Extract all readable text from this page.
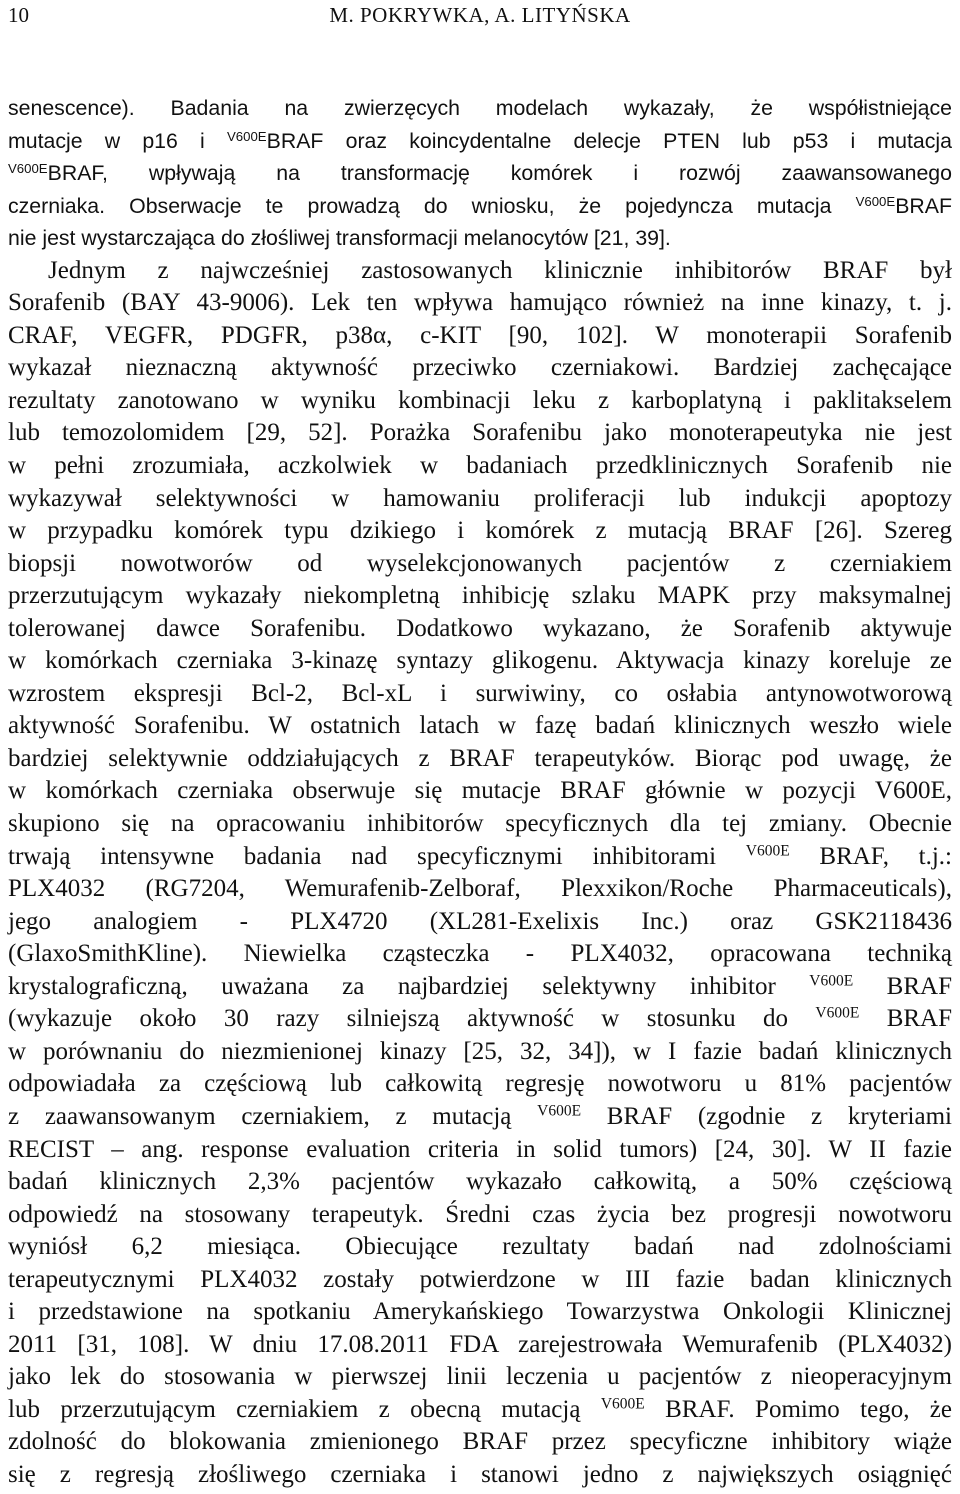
10	M. POKRYWKA, A. LITYŃSKA

senescence). Badania na zwierzęcych modelach wykazały, że współistniejące
mutacje w p16 i $^{V600E}$BRAF oraz koincydentalne delecje PTEN lub p53 i mutacja
$^{V600E}$BRAF, wpływają na transformację komórek i rozwój zaawansowanego
czerniaka. Obserwacje te prowadzą do wniosku, że pojedyncza mutacja $^{V600E}$BRAF
nie jest wystarczająca do złośliwej transformacji melanocytów [21, 39].

Jednym z najwcześniej zastosowanych klinicznie inhibitorów BRAF był
Sorafenib (BAY 43-9006). Lek ten wpływa hamująco również na inne kinazy, t. j.
CRAF, VEGFR, PDGFR, p38α, c-KIT [90, 102]. W monoterapii Sorafenib
wykazał nieznaczną aktywność przeciwko czerniakowi. Bardziej zachęcające
rezultaty zanotowano w wyniku kombinacji leku z karboplatyną i paklitakselem
lub temozolomidem [29, 52]. Porażka Sorafenibu jako monoterapeutyka nie jest
w pełni zrozumiała, aczkolwiek w badaniach przedklinicznych Sorafenib nie
wykazywał selektywności w hamowaniu proliferacji lub indukcji apoptozy
w przypadku komórek typu dzikiego i komórek z mutacją BRAF [26]. Szereg
biopsji nowotworów od wyselekcjonowanych pacjentów z czerniakiem
przerzutującym wykazały niekompletną inhibicję szlaku MAPK przy maksymalnej
tolerowanej dawce Sorafenibu. Dodatkowo wykazano, że Sorafenib aktywuje
w komórkach czerniaka 3-kinazę syntazy glikogenu. Aktywacja kinazy koreluje ze
wzrostem ekspresji Bcl-2, Bcl-xL i surwiwiny, co osłabia antynowotworową
aktywność Sorafenibu. W ostatnich latach w fazę badań klinicznych weszło wiele
bardziej selektywnie oddziałujących z BRAF terapeutyków. Biorąc pod uwagę, że
w komórkach czerniaka obserwuje się mutacje BRAF głównie w pozycji V600E,
skupiono się na opracowaniu inhibitorów specyficznych dla tej zmiany. Obecnie
trwają intensywne badania nad specyficznymi inhibitorami $^{V600E}$ BRAF, t.j.:
PLX4032 (RG7204, Wemurafenib-Zelboraf, Plexxikon/Roche Pharmaceuticals),
jego analogiem - PLX4720 (XL281-Exelixis Inc.) oraz GSK2118436
(GlaxoSmithKline). Niewielka cząsteczka - PLX4032, opracowana techniką
krystalograficzną, uważana za najbardziej selektywny inhibitor $^{V600E}$ BRAF
(wykazuje około 30 razy silniejszą aktywność w stosunku do $^{V600E}$ BRAF
w porównaniu do niezmienionej kinazy [25, 32, 34]), w I fazie badań klinicznych
odpowiadała za częściową lub całkowitą regresję nowotworu u 81% pacjentów
z zaawansowanym czerniakiem, z mutacją $^{V600E}$ BRAF (zgodnie z kryteriami
RECIST – ang. response evaluation criteria in solid tumors) [24, 30]. W II fazie
badań klinicznych 2,3% pacjentów wykazało całkowitą, a 50% częściową
odpowiedź na stosowany terapeutyk. Średni czas życia bez progresji nowotworu
wyniósł 6,2 miesiąca. Obiecujące rezultaty badań nad zdolnościami
terapeutycznymi PLX4032 zostały potwierdzone w III fazie badan klinicznych
i przedstawione na spotkaniu Amerykańskiego Towarzystwa Onkologii Klinicznej
2011 [31, 108]. W dniu 17.08.2011 FDA zarejestrowała Wemurafenib (PLX4032)
jako lek do stosowania w pierwszej linii leczenia u pacjentów z nieoperacyjnym
lub przerzutującym czerniakiem z obecną mutacją $^{V600E}$ BRAF. Pomimo tego, że
zdolność do blokowania zmienionego BRAF przez specyficzne inhibitory wiąże
się z regresją złośliwego czerniaka i stanowi jedno z największych osiągnięć
